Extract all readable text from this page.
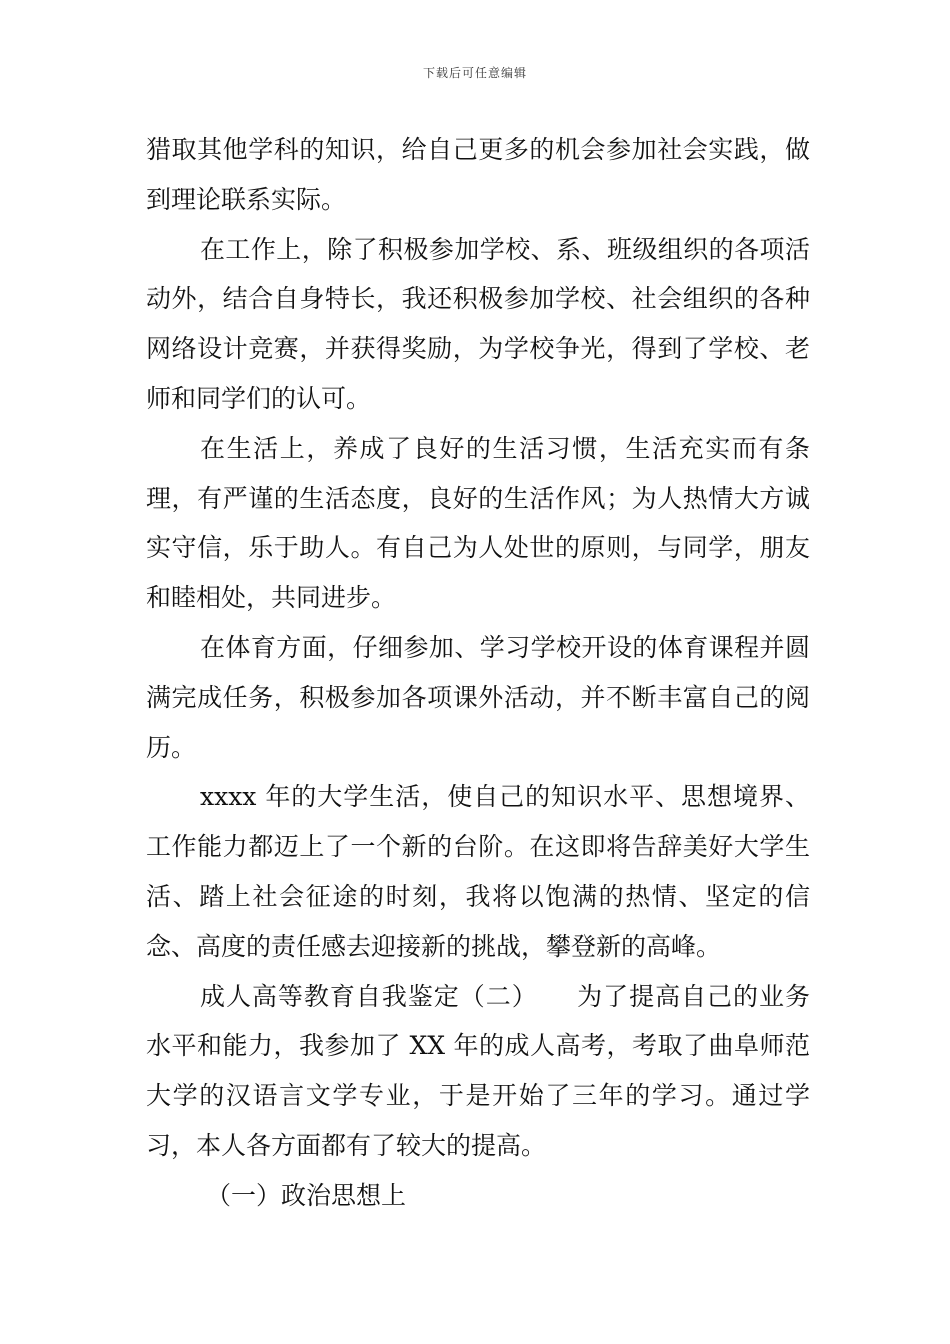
下载后可任意编辑

猎取其他学科的知识，给自己更多的机会参加社会实践，做到理论联系实际。

在工作上，除了积极参加学校、系、班级组织的各项活动外，结合自身特长，我还积极参加学校、社会组织的各种网络设计竞赛，并获得奖励，为学校争光，得到了学校、老师和同学们的认可。

在生活上，养成了良好的生活习惯，生活充实而有条理，有严谨的生活态度，良好的生活作风；为人热情大方诚实守信，乐于助人。有自己为人处世的原则，与同学，朋友和睦相处，共同进步。

在体育方面，仔细参加、学习学校开设的体育课程并圆满完成任务，积极参加各项课外活动，并不断丰富自己的阅历。

xxxx 年的大学生活，使自己的知识水平、思想境界、工作能力都迈上了一个新的台阶。在这即将告辞美好大学生活、踏上社会征途的时刻，我将以饱满的热情、坚定的信念、高度的责任感去迎接新的挑战，攀登新的高峰。

成人高等教育自我鉴定（二）　　为了提高自己的业务水平和能力，我参加了 XX 年的成人高考，考取了曲阜师范大学的汉语言文学专业，于是开始了三年的学习。通过学习，本人各方面都有了较大的提高。

（一）政治思想上
